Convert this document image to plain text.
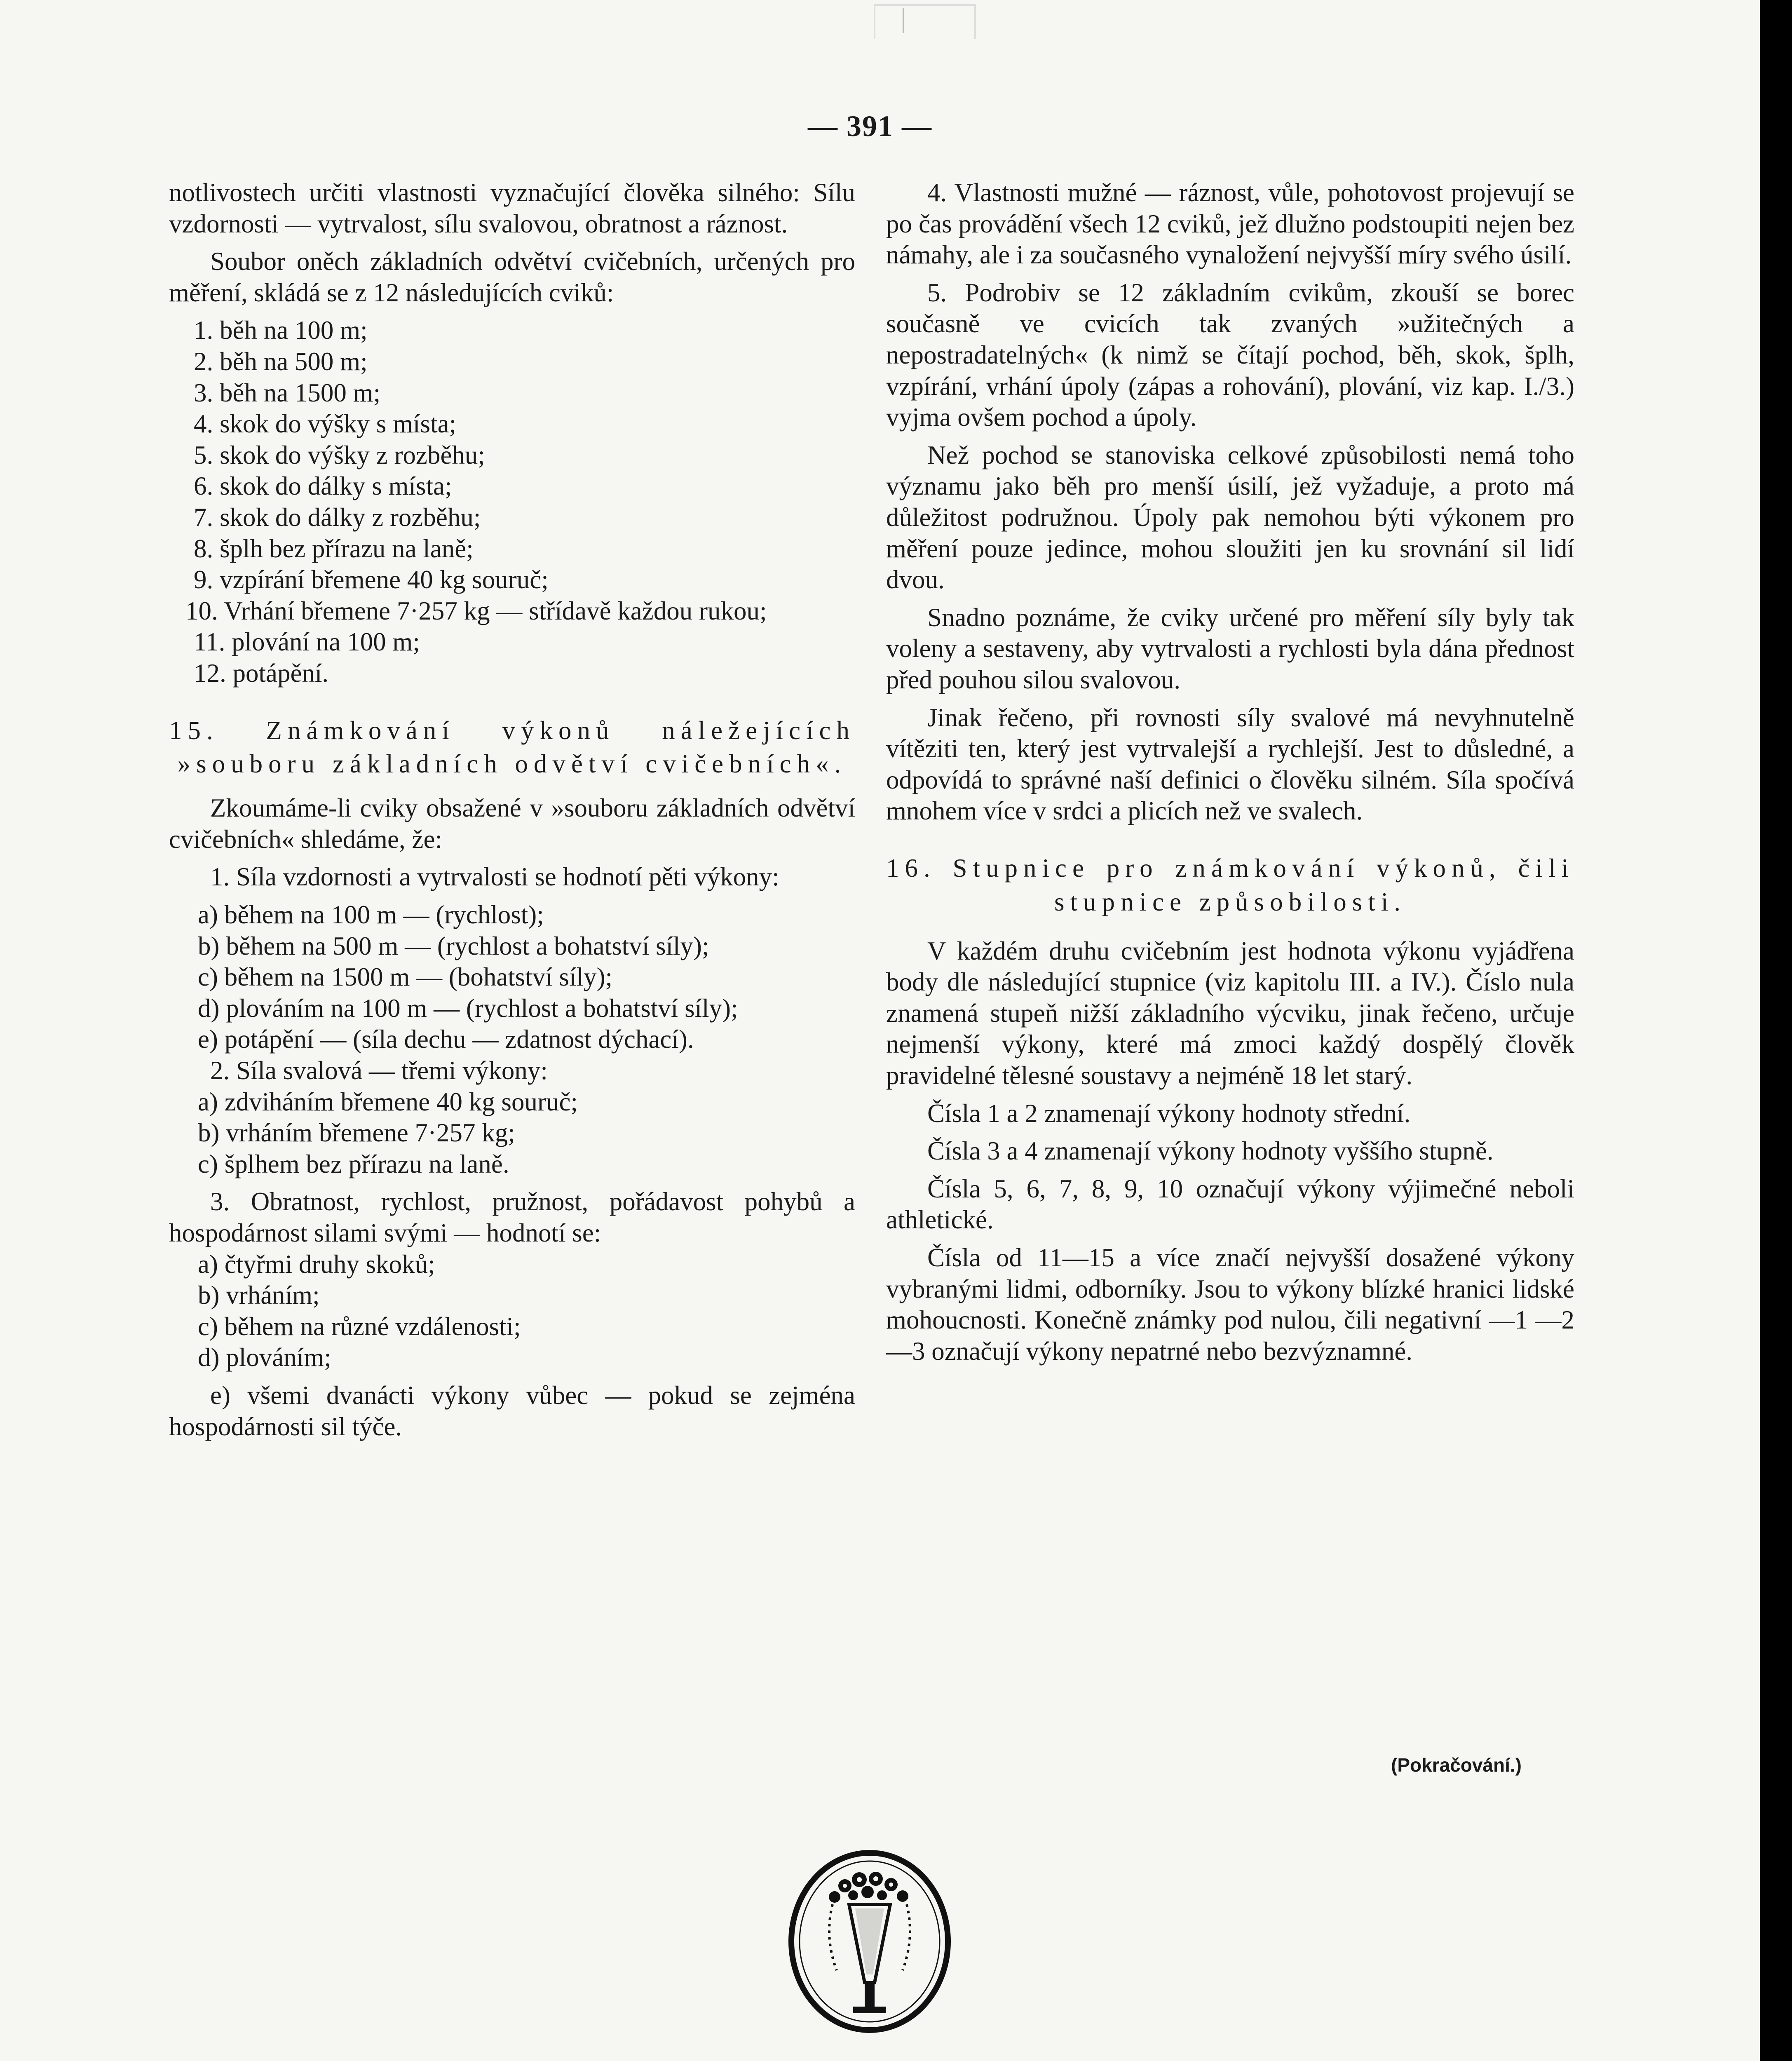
— 391 —

notlivostech určiti vlastnosti vyznačující člověka silného: Sílu vzdornosti — vytrvalost, sílu svalovou, obratnost a ráznost.

Soubor oněch základních odvětví cvičebních, určených pro měření, skládá se z 12 následujících cviků:

1. běh na 100 m;

2. běh na 500 m;

3. běh na 1500 m;

4. skok do výšky s místa;

5. skok do výšky z rozběhu;

6. skok do dálky s místa;

7. skok do dálky z rozběhu;

8. šplh bez přírazu na laně;

9. vzpírání břemene 40 kg souruč;

10. Vrhání břemene 7·257 kg — střídavě každou rukou;

11. plování na 100 m;

12. potápění.

15. Známkování výkonů náležejících »souboru základních odvětví cvičebních«.

Zkoumáme-li cviky obsažené v »souboru základních odvětví cvičebních« shledáme, že:

1. Síla vzdornosti a vytrvalosti se hodnotí pěti výkony:

a) během na 100 m — (rychlost);

b) během na 500 m — (rychlost a bohatství síly);

c) během na 1500 m — (bohatství síly);

d) plováním na 100 m — (rychlost a bohatství síly);

e) potápění — (síla dechu — zdatnost dýchací).

2. Síla svalová — třemi výkony:

a) zdviháním břemene 40 kg souruč;

b) vrháním břemene 7·257 kg;

c) šplhem bez přírazu na laně.

3. Obratnost, rychlost, pružnost, pořádavost pohybů a hospodárnost silami svými — hodnotí se:

a) čtyřmi druhy skoků;

b) vrháním;

c) během na různé vzdálenosti;

d) plováním;

e) všemi dvanácti výkony vůbec — pokud se zejména hospodárnosti sil týče.

4. Vlastnosti mužné — ráznost, vůle, pohotovost projevují se po čas provádění všech 12 cviků, jež dlužno podstoupiti nejen bez námahy, ale i za současného vynaložení nejvyšší míry svého úsilí.

5. Podrobiv se 12 základním cvikům, zkouší se borec současně ve cvicích tak zvaných »užitečných a nepostradatelných« (k nimž se čítají pochod, běh, skok, šplh, vzpírání, vrhání úpoly (zápas a rohování), plování, viz kap. I./3.) vyjma ovšem pochod a úpoly.

Než pochod se stanoviska celkové způsobilosti nemá toho významu jako běh pro menší úsilí, jež vyžaduje, a proto má důležitost podružnou. Úpoly pak nemohou býti výkonem pro měření pouze jedince, mohou sloužiti jen ku srovnání sil lidí dvou.

Snadno poznáme, že cviky určené pro měření síly byly tak voleny a sestaveny, aby vytrvalosti a rychlosti byla dána přednost před pouhou silou svalovou.

Jinak řečeno, při rovnosti síly svalové má nevyhnutelně vítěziti ten, který jest vytrvalejší a rychlejší. Jest to důsledné, a odpovídá to správné naší definici o člověku silném. Síla spočívá mnohem více v srdci a plicích než ve svalech.

16. Stupnice pro známkování výkonů, čili stupnice způsobilosti.

V každém druhu cvičebním jest hodnota výkonu vyjádřena body dle následující stupnice (viz kapitolu III. a IV.). Číslo nula znamená stupeň nižší základního výcviku, jinak řečeno, určuje nejmenší výkony, které má zmoci každý dospělý člověk pravidelné tělesné soustavy a nejméně 18 let starý.

Čísla 1 a 2 znamenají výkony hodnoty střední.

Čísla 3 a 4 znamenají výkony hodnoty vyššího stupně.

Čísla 5, 6, 7, 8, 9, 10 označují výkony výjimečné neboli athletické.

Čísla od 11—15 a více značí nejvyšší dosažené výkony vybranými lidmi, odborníky. Jsou to výkony blízké hranici lidské mohoucnosti. Konečně známky pod nulou, čili negativní —1 —2 —3 označují výkony nepatrné nebo bezvýznamné.

(Pokračování.)
